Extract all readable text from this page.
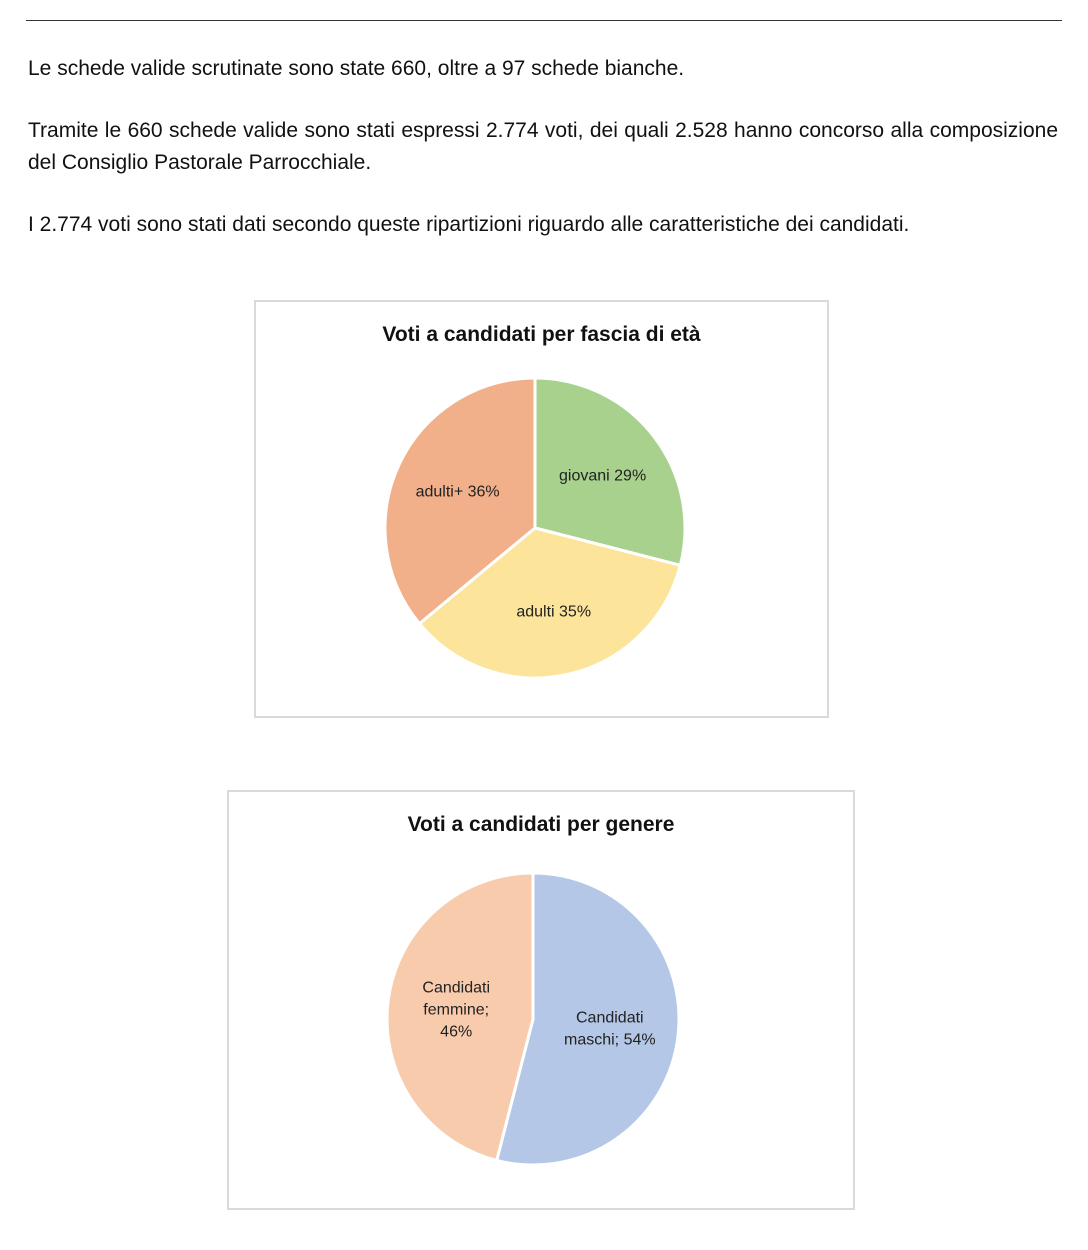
Le schede valide scrutinate sono state 660, oltre a 97 schede bianche.

Tramite le 660 schede valide sono stati espressi 2.774 voti, dei quali 2.528 hanno concorso alla composizione del Consiglio Pastorale Parrocchiale.

I 2.774 voti sono stati dati secondo queste ripartizioni riguardo alle caratteristiche dei candidati.

Voti a candidati per fascia di età

giovani 29%
adulti 35%
adulti+ 36%

Voti a candidati per genere

Candidati maschi; 54%
Candidati femmine; 46%
